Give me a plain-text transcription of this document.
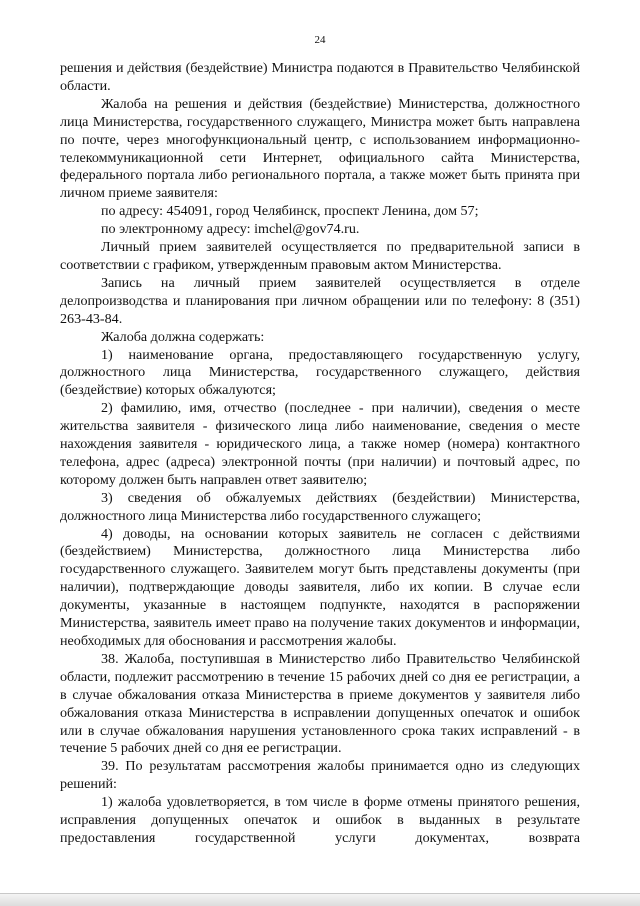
24

решения и действия (бездействие) Министра подаются в Правительство Челябинской области.

Жалоба на решения и действия (бездействие) Министерства, должностного лица Министерства, государственного служащего, Министра может быть направлена по почте, через многофункциональный центр, с использованием информационно-телекоммуникационной сети Интернет, официального сайта Министерства, федерального портала либо регионального портала, а также может быть принята при личном приеме заявителя:

по адресу: 454091, город Челябинск, проспект Ленина, дом 57;

по электронному адресу: imchel@gov74.ru.

Личный прием заявителей осуществляется по предварительной записи в соответствии с графиком, утвержденным правовым актом Министерства.

Запись на личный прием заявителей осуществляется в отделе делопроизводства и планирования при личном обращении или по телефону: 8 (351) 263-43-84.

Жалоба должна содержать:

1) наименование органа, предоставляющего государственную услугу, должностного лица Министерства, государственного служащего, действия (бездействие) которых обжалуются;

2) фамилию, имя, отчество (последнее - при наличии), сведения о месте жительства заявителя - физического лица либо наименование, сведения о месте нахождения заявителя - юридического лица, а также номер (номера) контактного телефона, адрес (адреса) электронной почты (при наличии) и почтовый адрес, по которому должен быть направлен ответ заявителю;

3) сведения об обжалуемых действиях (бездействии) Министерства, должностного лица Министерства либо государственного служащего;

4) доводы, на основании которых заявитель не согласен с действиями (бездействием) Министерства, должностного лица Министерства либо государственного служащего. Заявителем могут быть представлены документы (при наличии), подтверждающие доводы заявителя, либо их копии. В случае если документы, указанные в настоящем подпункте, находятся в распоряжении Министерства, заявитель имеет право на получение таких документов и информации, необходимых для обоснования и рассмотрения жалобы.

38. Жалоба, поступившая в Министерство либо Правительство Челябинской области, подлежит рассмотрению в течение 15 рабочих дней со дня ее регистрации, а в случае обжалования отказа Министерства в приеме документов у заявителя либо обжалования отказа Министерства в исправлении допущенных опечаток и ошибок или в случае обжалования нарушения установленного срока таких исправлений - в течение 5 рабочих дней со дня ее регистрации.

39. По результатам рассмотрения жалобы принимается одно из следующих решений:

1) жалоба удовлетворяется, в том числе в форме отмены принятого решения, исправления допущенных опечаток и ошибок в выданных в результате предоставления государственной услуги документах, возврата
